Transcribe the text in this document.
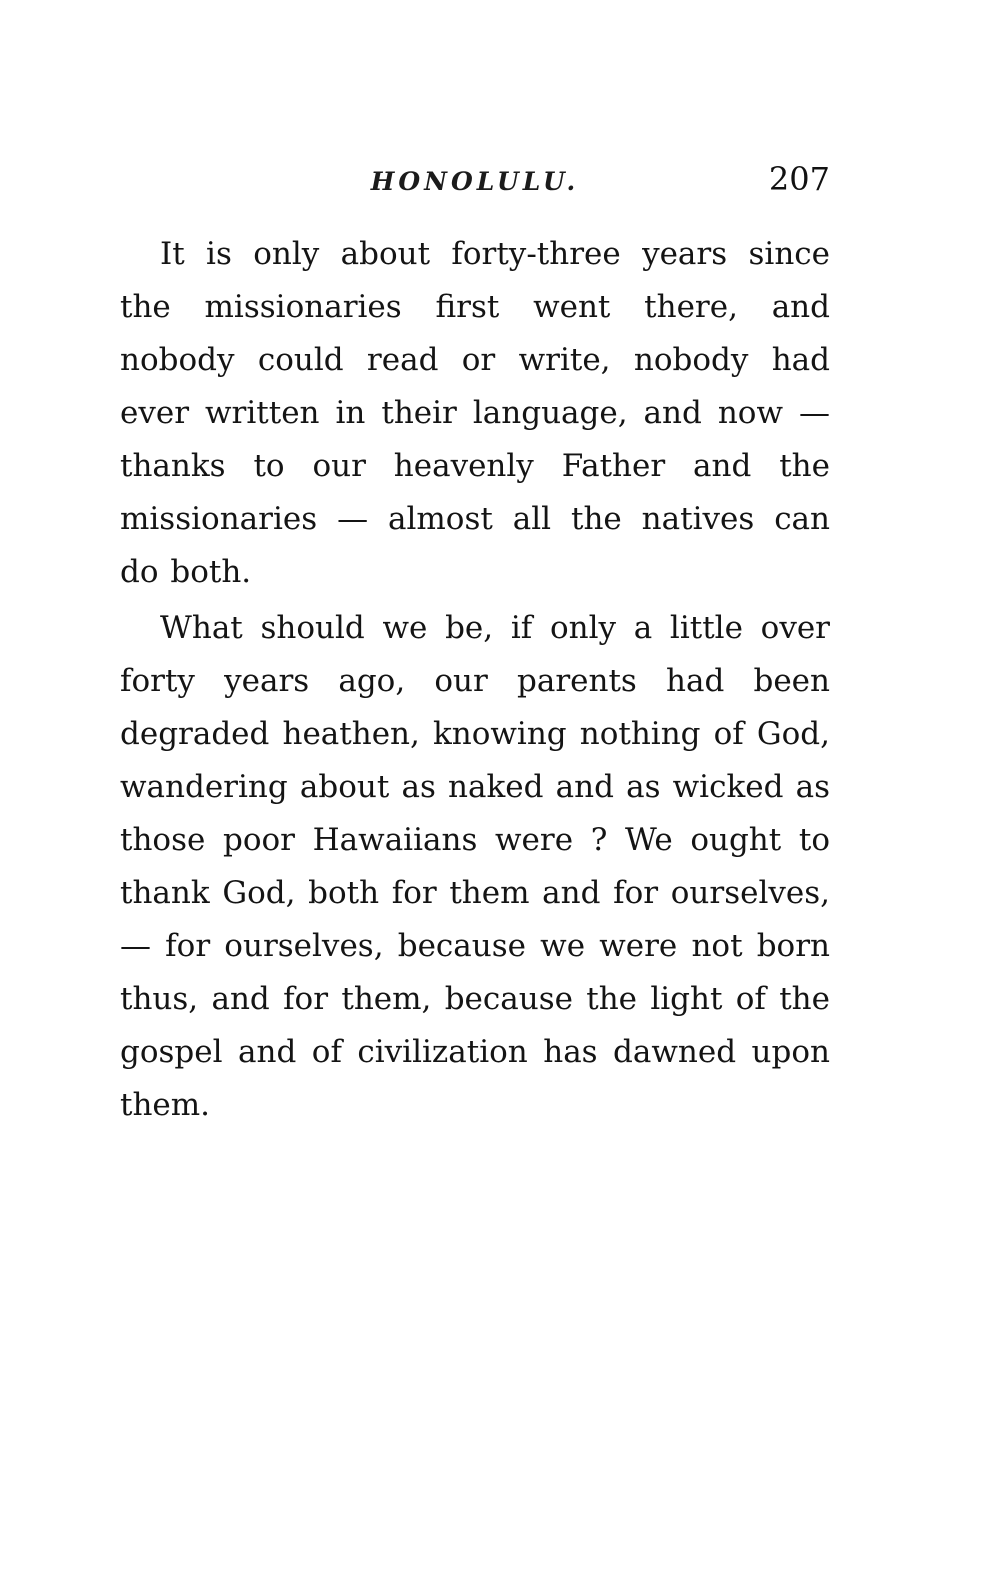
HONOLULU.	207

It is only about forty-three years since the missionaries first went there, and nobody could read or write, nobody had ever written in their language, and now — thanks to our heavenly Father and the missionaries — almost all the natives can do both.

What should we be, if only a little over forty years ago, our parents had been degraded heathen, knowing nothing of God, wandering about as naked and as wicked as those poor Hawaiians were ? We ought to thank God, both for them and for ourselves, — for ourselves, because we were not born thus, and for them, because the light of the gospel and of civilization has dawned upon them.
